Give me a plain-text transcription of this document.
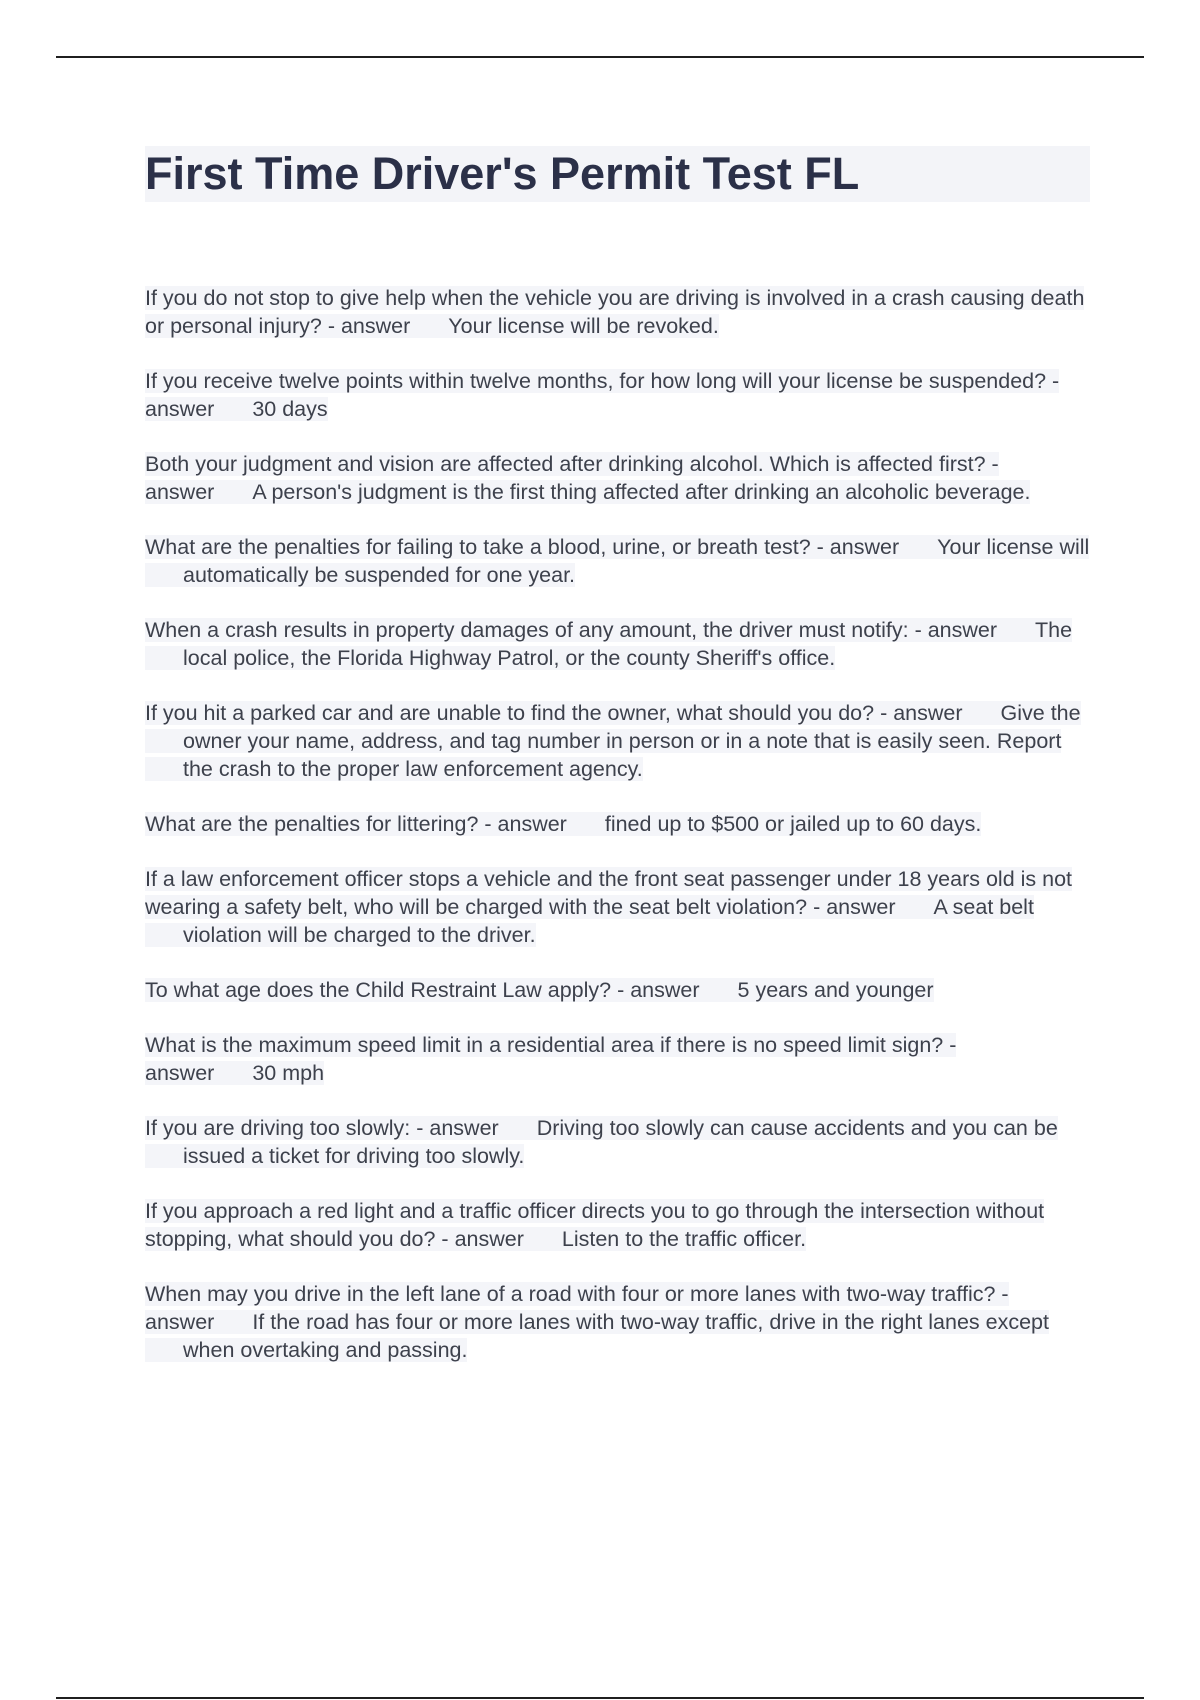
First Time Driver's Permit Test FL

If you do not stop to give help when the vehicle you are driving is involved in a crash causing death or personal injury? - answer Your license will be revoked.

If you receive twelve points within twelve months, for how long will your license be suspended? - answer 30 days

Both your judgment and vision are affected after drinking alcohol. Which is affected first? - answer A person's judgment is the first thing affected after drinking an alcoholic beverage.

What are the penalties for failing to take a blood, urine, or breath test? - answer Your license will automatically be suspended for one year.

When a crash results in property damages of any amount, the driver must notify: - answer The local police, the Florida Highway Patrol, or the county Sheriff's office.

If you hit a parked car and are unable to find the owner, what should you do? - answer Give the owner your name, address, and tag number in person or in a note that is easily seen. Report the crash to the proper law enforcement agency.

What are the penalties for littering? - answer fined up to $500 or jailed up to 60 days.

If a law enforcement officer stops a vehicle and the front seat passenger under 18 years old is not wearing a safety belt, who will be charged with the seat belt violation? - answer A seat belt violation will be charged to the driver.

To what age does the Child Restraint Law apply? - answer 5 years and younger

What is the maximum speed limit in a residential area if there is no speed limit sign? - answer 30 mph

If you are driving too slowly: - answer Driving too slowly can cause accidents and you can be issued a ticket for driving too slowly.

If you approach a red light and a traffic officer directs you to go through the intersection without stopping, what should you do? - answer Listen to the traffic officer.

When may you drive in the left lane of a road with four or more lanes with two-way traffic? - answer If the road has four or more lanes with two-way traffic, drive in the right lanes except when overtaking and passing.
